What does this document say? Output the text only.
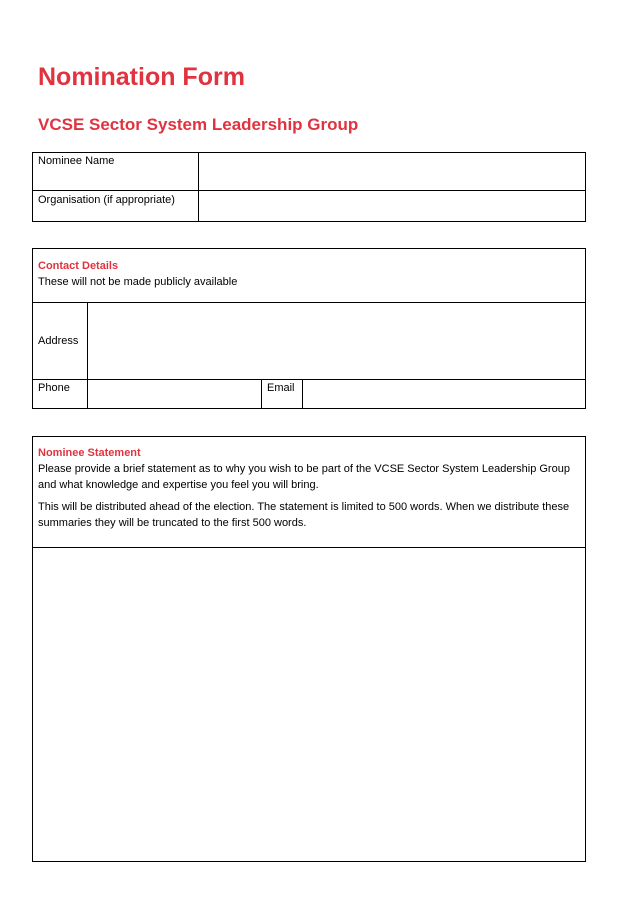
Nomination Form
VCSE Sector System Leadership Group
Nominee Name	
Organisation (if appropriate)	
Contact Details
These will not be made publicly available			

Address	
Phone		Email	
Nominee Statement

Please provide a brief statement as to why you wish to be part of the VCSE Sector System Leadership Group and what knowledge and expertise you feel you will bring.

This will be distributed ahead of the election. The statement is limited to 500 words. When we distribute these summaries they will be truncated to the first 500 words.
